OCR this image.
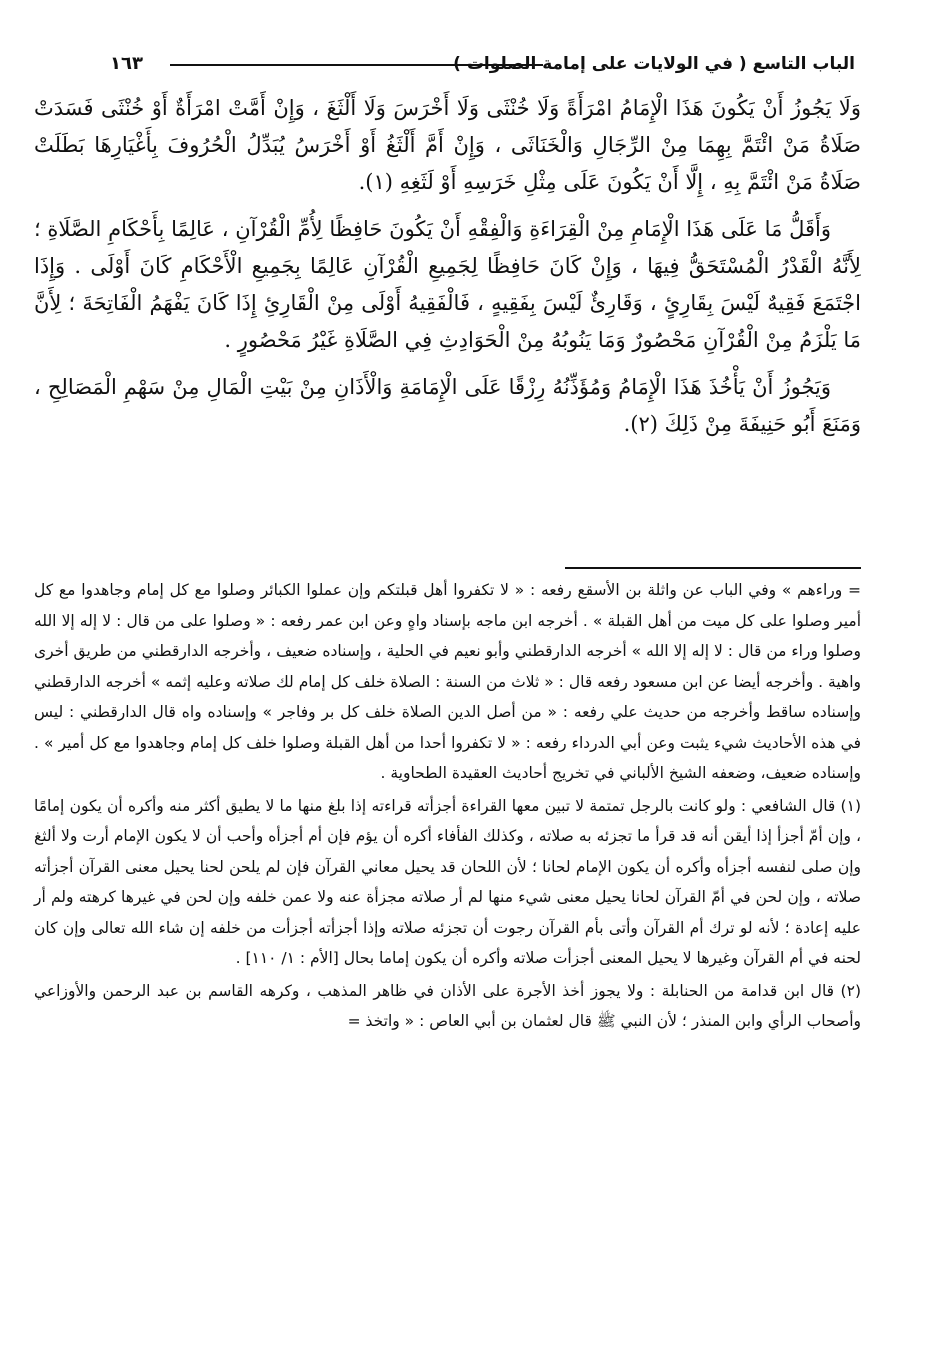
الباب التاسع ( في الولايات على إمامة الصلوات )
١٦٣

وَلَا يَجُوزُ أَنْ يَكُونَ هَذَا الْإِمَامُ امْرَأَةً وَلَا خُنْثَى وَلَا أَخْرَسَ وَلَا أَلْثَغَ ، وَإِنْ أَمَّتْ امْرَأَةٌ أَوْ خُنْثَى فَسَدَتْ صَلَاةُ مَنْ ائْتَمَّ بِهِمَا مِنْ الرِّجَالِ وَالْخَنَاثَى ، وَإِنْ أَمَّ أَلْثَغُ أَوْ أَخْرَسُ يُبَدِّلُ الْحُرُوفَ بِأَغْيَارِهَا بَطَلَتْ صَلَاةُ مَنْ ائْتَمَّ بِهِ ، إِلَّا أَنْ يَكُونَ عَلَى مِثْلِ خَرَسِهِ أَوْ لَثَغِهِ (١).

وَأَقَلُّ مَا عَلَى هَذَا الْإِمَامِ مِنْ الْقِرَاءَةِ وَالْفِقْهِ أَنْ يَكُونَ حَافِظًا لِأُمِّ الْقُرْآنِ ، عَالِمًا بِأَحْكَامِ الصَّلَاةِ ؛ لِأَنَّهُ الْقَدْرُ الْمُسْتَحَقُّ فِيهَا ، وَإِنْ كَانَ حَافِظًا لِجَمِيعِ الْقُرْآنِ عَالِمًا بِجَمِيعِ الْأَحْكَامِ كَانَ أَوْلَى . وَإِذَا اجْتَمَعَ فَقِيهٌ لَيْسَ بِقَارِئٍ ، وَقَارِئٌ لَيْسَ بِفَقِيهٍ ، فَالْفَقِيهُ أَوْلَى مِنْ الْقَارِئِ إِذَا كَانَ يَفْهَمُ الْفَاتِحَةَ ؛ لِأَنَّ مَا يَلْزَمُ مِنْ الْقُرْآنِ مَحْصُورٌ وَمَا يَنُوبُهُ مِنْ الْحَوَادِثِ فِي الصَّلَاةِ غَيْرُ مَحْصُورٍ .

وَيَجُوزُ أَنْ يَأْخُذَ هَذَا الْإِمَامُ وَمُؤَذِّنُهُ رِزْقًا عَلَى الْإِمَامَةِ وَالْأَذَانِ مِنْ بَيْتِ الْمَالِ مِنْ سَهْمِ الْمَصَالِحِ ، وَمَنَعَ أَبُو حَنِيفَةَ مِنْ ذَلِكَ (٢).

= وراءهم » وفي الباب عن واثلة بن الأسقع رفعه : « لا تكفروا أهل قبلتكم وإن عملوا الكبائر وصلوا مع كل إمام وجاهدوا مع كل أمير وصلوا على كل ميت من أهل القبلة » . أخرجه ابن ماجه بإسناد واهٍ وعن ابن عمر رفعه : « وصلوا على من قال : لا إله إلا الله وصلوا وراء من قال : لا إله إلا الله » أخرجه الدارقطني وأبو نعيم في الحلية ، وإسناده ضعيف ، وأخرجه الدارقطني من طريق أخرى واهية . وأخرجه أيضا عن ابن مسعود رفعه قال : « ثلاث من السنة : الصلاة خلف كل إمام لك صلاته وعليه إثمه » أخرجه الدارقطني وإسناده ساقط وأخرجه من حديث علي رفعه : « من أصل الدين الصلاة خلف كل بر وفاجر » وإسناده واه قال الدارقطني : ليس في هذه الأحاديث شيء يثبت وعن أبي الدرداء رفعه : « لا تكفروا أحدا من أهل القبلة وصلوا خلف كل إمام وجاهدوا مع كل أمير » . وإسناده ضعيف، وضعفه الشيخ الألباني في تخريج أحاديث العقيدة الطحاوية .

(١) قال الشافعي : ولو كانت بالرجل تمتمة لا تبين معها القراءة أجزأته قراءته إذا بلغ منها ما لا يطيق أكثر منه وأكره أن يكون إمامًا ، وإن أمّ أجزأ إذا أيقن أنه قد قرأ ما تجزئه به صلاته ، وكذلك الفأفاء أكره أن يؤم فإن أم أجزأه وأحب أن لا يكون الإمام أرت ولا ألثغ وإن صلى لنفسه أجزأه وأكره أن يكون الإمام لحانا ؛ لأن اللحان قد يحيل معاني القرآن فإن لم يلحن لحنا يحيل معنى القرآن أجزأته صلاته ، وإن لحن في أمّ القرآن لحانا يحيل معنى شيء منها لم أر صلاته مجزأة عنه ولا عمن خلفه وإن لحن في غيرها كرهته ولم أر عليه إعادة ؛ لأنه لو ترك أم القرآن وأتى بأم القرآن رجوت أن تجزئه صلاته وإذا أجزأته أجزأت من خلفه إن شاء الله تعالى وإن كان لحنه في أم القرآن وغيرها لا يحيل المعنى أجزأت صلاته وأكره أن يكون إماما بحال [الأم : ١/ ١١٠] .

(٢) قال ابن قدامة من الحنابلة : ولا يجوز أخذ الأجرة على الأذان في ظاهر المذهب ، وكرهه القاسم بن عبد الرحمن والأوزاعي وأصحاب الرأي وابن المنذر ؛ لأن النبي ﷺ قال لعثمان بن أبي العاص : « واتخذ =
